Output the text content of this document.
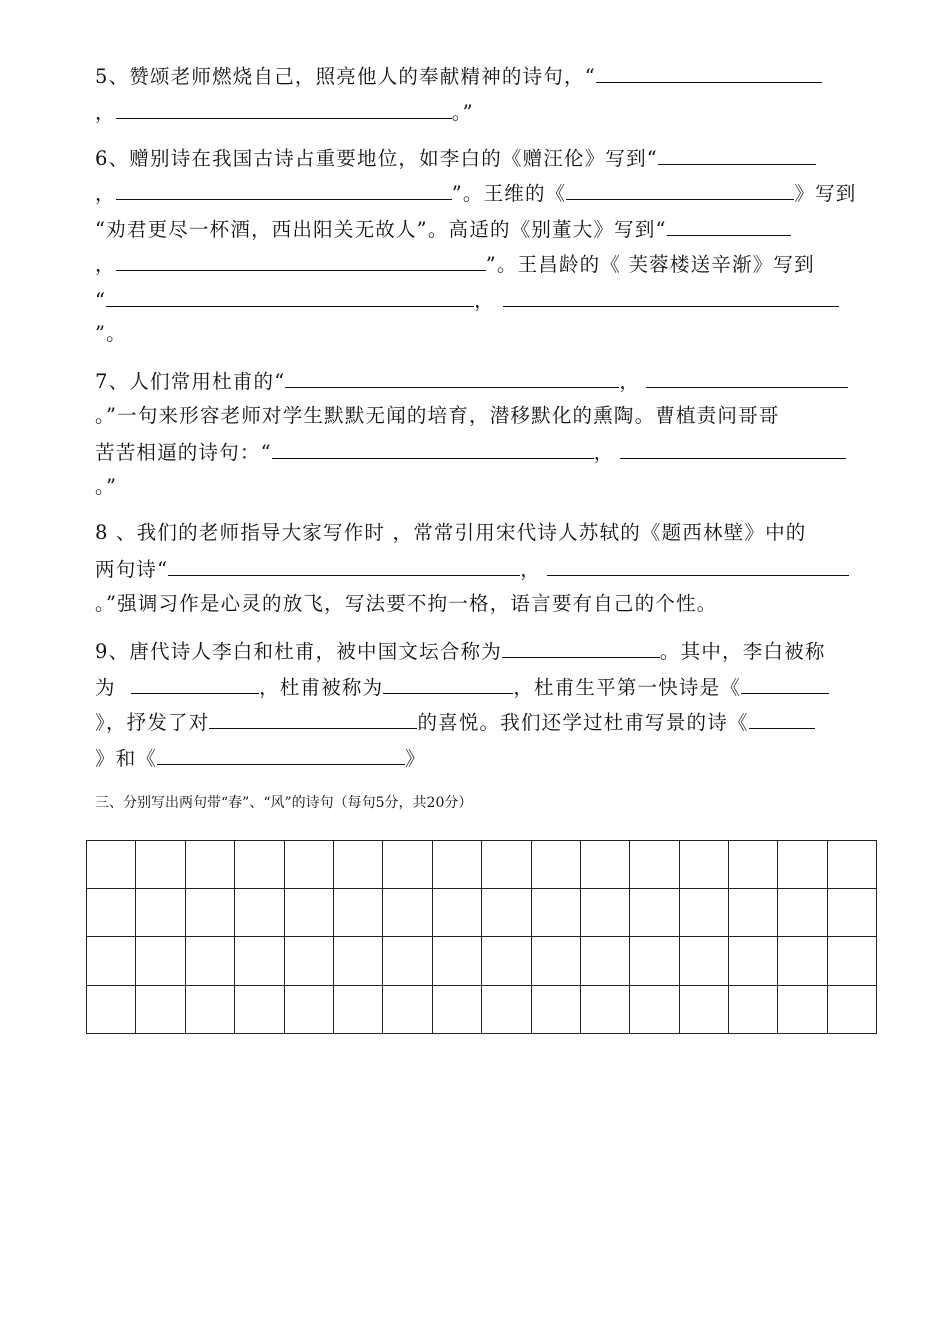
5、赞颂老师燃烧自己，照亮他人的奉献精神的诗句，“
，	。”
6、赠别诗在我国古诗占重要地位，如李白的《赠汪伦》写到“
，	”。王维的《	》写到
“劝君更尽一杯酒，西出阳关无故人”。高适的《别董大》写到“
，	”。王昌龄的《 芙蓉楼送辛渐》写到
“	，
”。
7、人们常用杜甫的“	，
。”一句来形容老师对学生默默无闻的培育，潜移默化的熏陶。曹植责问哥哥
苦苦相逼的诗句：“	，
。”
8 、我们的老师指导大家写作时 ，常常引用宋代诗人苏轼的《题西林壁》中的
两句诗“	，
。”强调习作是心灵的放飞，写法要不拘一格，语言要有自己的个性。
9、唐代诗人李白和杜甫，被中国文坛合称为	。其中，李白被称
为	，杜甫被称为	，杜甫生平第一快诗是《
》，抒发了对	的喜悦。我们还学过杜甫写景的诗《
》和《	》
三、分别写出两句带“春”、“风”的诗句（每句5分，共20分）
